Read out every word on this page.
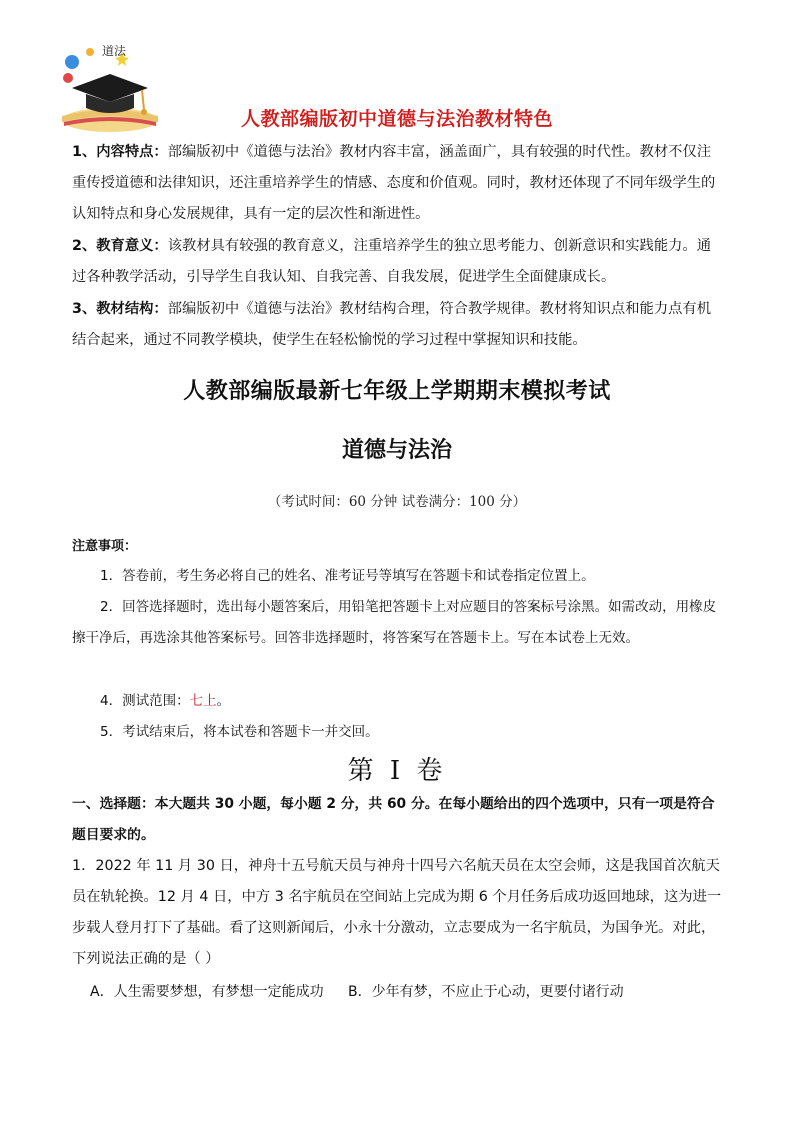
道法
人教部编版初中道德与法治教材特色
1、内容特点：部编版初中《道德与法治》教材内容丰富，涵盖面广，具有较强的时代性。教材不仅注重传授道德和法律知识，还注重培养学生的情感、态度和价值观。同时，教材还体现了不同年级学生的认知特点和身心发展规律，具有一定的层次性和渐进性。
2、教育意义：该教材具有较强的教育意义，注重培养学生的独立思考能力、创新意识和实践能力。通过各种教学活动，引导学生自我认知、自我完善、自我发展，促进学生全面健康成长。
3、教材结构：部编版初中《道德与法治》教材结构合理，符合教学规律。教材将知识点和能力点有机结合起来，通过不同教学模块，使学生在轻松愉悦的学习过程中掌握知识和技能。
人教部编版最新七年级上学期期末模拟考试
道德与法治
（考试时间：60 分钟 试卷满分：100 分）
注意事项：
1．答卷前，考生务必将自己的姓名、准考证号等填写在答题卡和试卷指定位置上。
2．回答选择题时，选出每小题答案后，用铅笔把答题卡上对应题目的答案标号涂黑。如需改动，用橡皮擦干净后，再选涂其他答案标号。回答非选择题时，将答案写在答题卡上。写在本试卷上无效。
4．测试范围：七上。
5．考试结束后，将本试卷和答题卡一并交回。
第 I 卷
一、选择题：本大题共 30 小题，每小题 2 分，共 60 分。在每小题给出的四个选项中，只有一项是符合题目要求的。
1．2022 年 11 月 30 日，神舟十五号航天员与神舟十四号六名航天员在太空会师，这是我国首次航天员在轨轮换。12 月 4 日，中方 3 名宇航员在空间站上完成为期 6 个月任务后成功返回地球，这为进一步载人登月打下了基础。看了这则新闻后，小永十分激动，立志要成为一名宇航员，为国争光。对此，下列说法正确的是（ ）
A．人生需要梦想，有梦想一定能成功 B．少年有梦，不应止于心动，更要付诸行动
